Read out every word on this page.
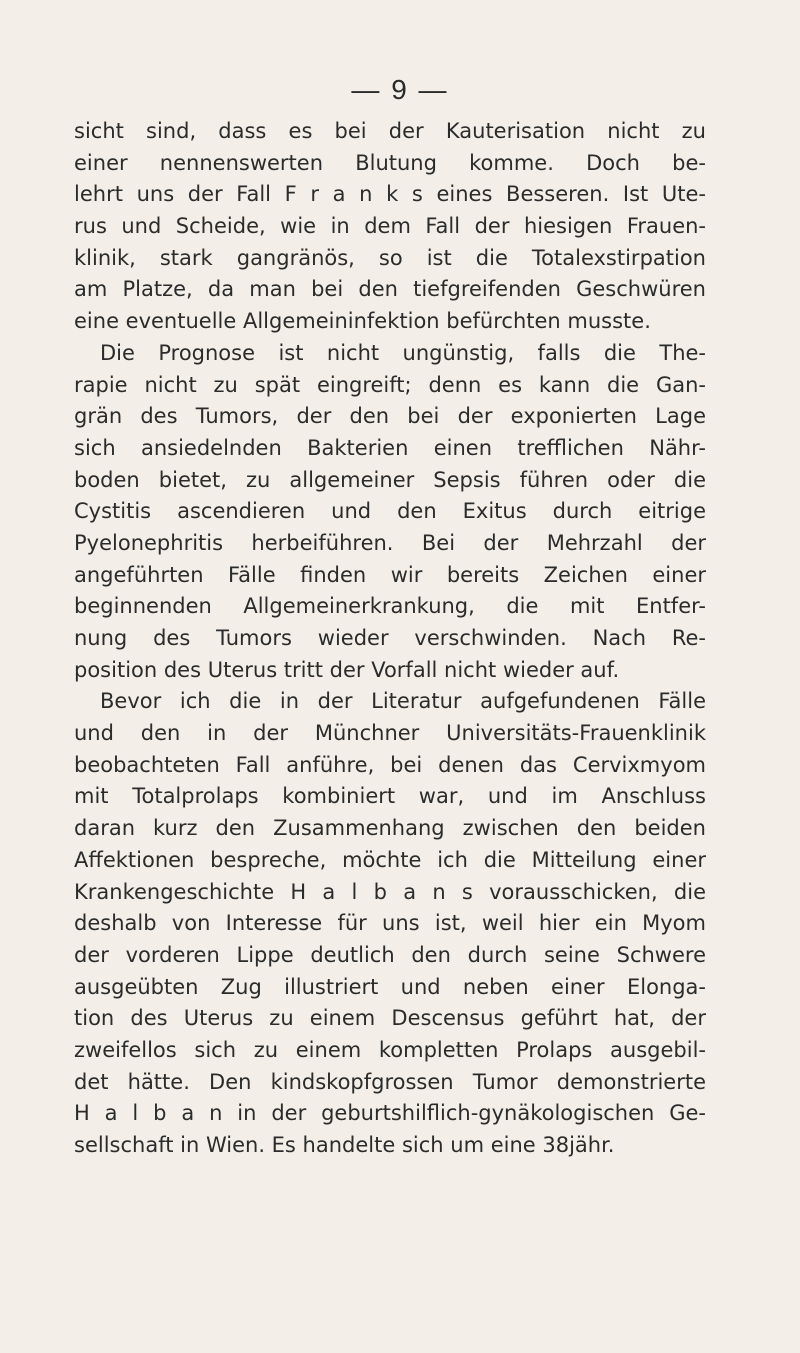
— 9 —
sicht sind, dass es bei der Kauterisation nicht zu
einer nennenswerten Blutung komme. Doch be-
lehrt uns der Fall F r a n k s eines Besseren. Ist Ute-
rus und Scheide, wie in dem Fall der hiesigen Frauen-
klinik, stark gangränös, so ist die Totalexstirpation
am Platze, da man bei den tiefgreifenden Geschwüren
eine eventuelle Allgemeininfektion befürchten musste.
Die Prognose ist nicht ungünstig, falls die The-
rapie nicht zu spät eingreift; denn es kann die Gan-
grän des Tumors, der den bei der exponierten Lage
sich ansiedelnden Bakterien einen trefflichen Nähr-
boden bietet, zu allgemeiner Sepsis führen oder die
Cystitis ascendieren und den Exitus durch eitrige
Pyelonephritis herbeiführen. Bei der Mehrzahl der
angeführten Fälle finden wir bereits Zeichen einer
beginnenden Allgemeinerkrankung, die mit Entfer-
nung des Tumors wieder verschwinden. Nach Re-
position des Uterus tritt der Vorfall nicht wieder auf.
Bevor ich die in der Literatur aufgefundenen Fälle
und den in der Münchner Universitäts-Frauenklinik
beobachteten Fall anführe, bei denen das Cervixmyom
mit Totalprolaps kombiniert war, und im Anschluss
daran kurz den Zusammenhang zwischen den beiden
Affektionen bespreche, möchte ich die Mitteilung einer
Krankengeschichte H a l b a n s vorausschicken, die
deshalb von Interesse für uns ist, weil hier ein Myom
der vorderen Lippe deutlich den durch seine Schwere
ausgeübten Zug illustriert und neben einer Elonga-
tion des Uterus zu einem Descensus geführt hat, der
zweifellos sich zu einem kompletten Prolaps ausgebil-
det hätte. Den kindskopfgrossen Tumor demonstrierte
H a l b a n in der geburtshilflich-gynäkologischen Ge-
sellschaft in Wien. Es handelte sich um eine 38jähr.
